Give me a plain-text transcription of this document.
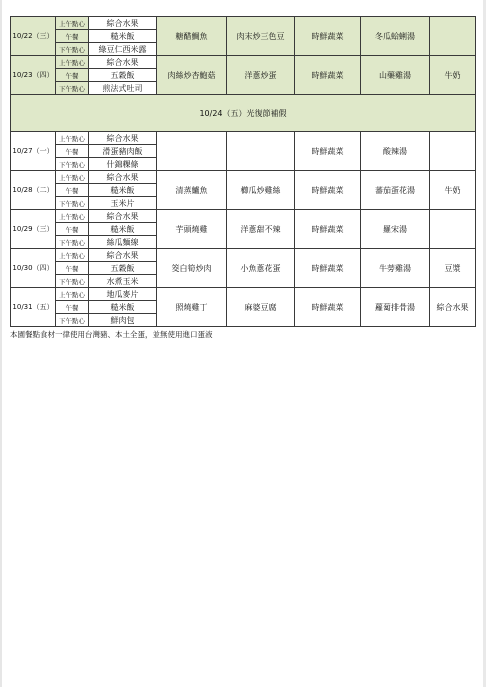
10/22（三）	上午點心	綜合水果	糖醋鯛魚	肉末炒三色豆	時鮮蔬菜	冬瓜蛤蜊湯	
	午餐	糙米飯					
	下午點心	綠豆仁西米露					
10/23（四）	上午點心	綜合水果	肉絲炒杏鮑菇	洋蔥炒蛋	時鮮蔬菜	山藥雞湯	牛奶
	午餐	五穀飯					
	下午點心	煎法式吐司					
10/24（五）光復節補假							
10/27（一）	上午點心	綜合水果			時鮮蔬菜	酸辣湯	
	午餐	滑蛋豬肉飯					
	下午點心	什錦粿條					
10/28（二）	上午點心	綜合水果	清蒸鱸魚	櫛瓜炒雞絲	時鮮蔬菜	蕃茄蛋花湯	牛奶
	午餐	糙米飯					
	下午點心	玉米片					
10/29（三）	上午點心	綜合水果	芋頭燒雞	洋蔥甜不辣	時鮮蔬菜	羅宋湯	
	午餐	糙米飯					
	下午點心	絲瓜麵線					
10/30（四）	上午點心	綜合水果	筊白筍炒肉	小魚蔥花蛋	時鮮蔬菜	牛蒡雞湯	豆漿
	午餐	五穀飯					
	下午點心	水煮玉米					
10/31（五）	上午點心	地瓜麥片	照燒雞丁	麻婆豆腐	時鮮蔬菜	蘿蔔排骨湯	綜合水果
	午餐	糙米飯					
	下午點心	鮮肉包					
本園餐點食材一律使用台灣豬、本土全蛋，並無使用進口蛋液
